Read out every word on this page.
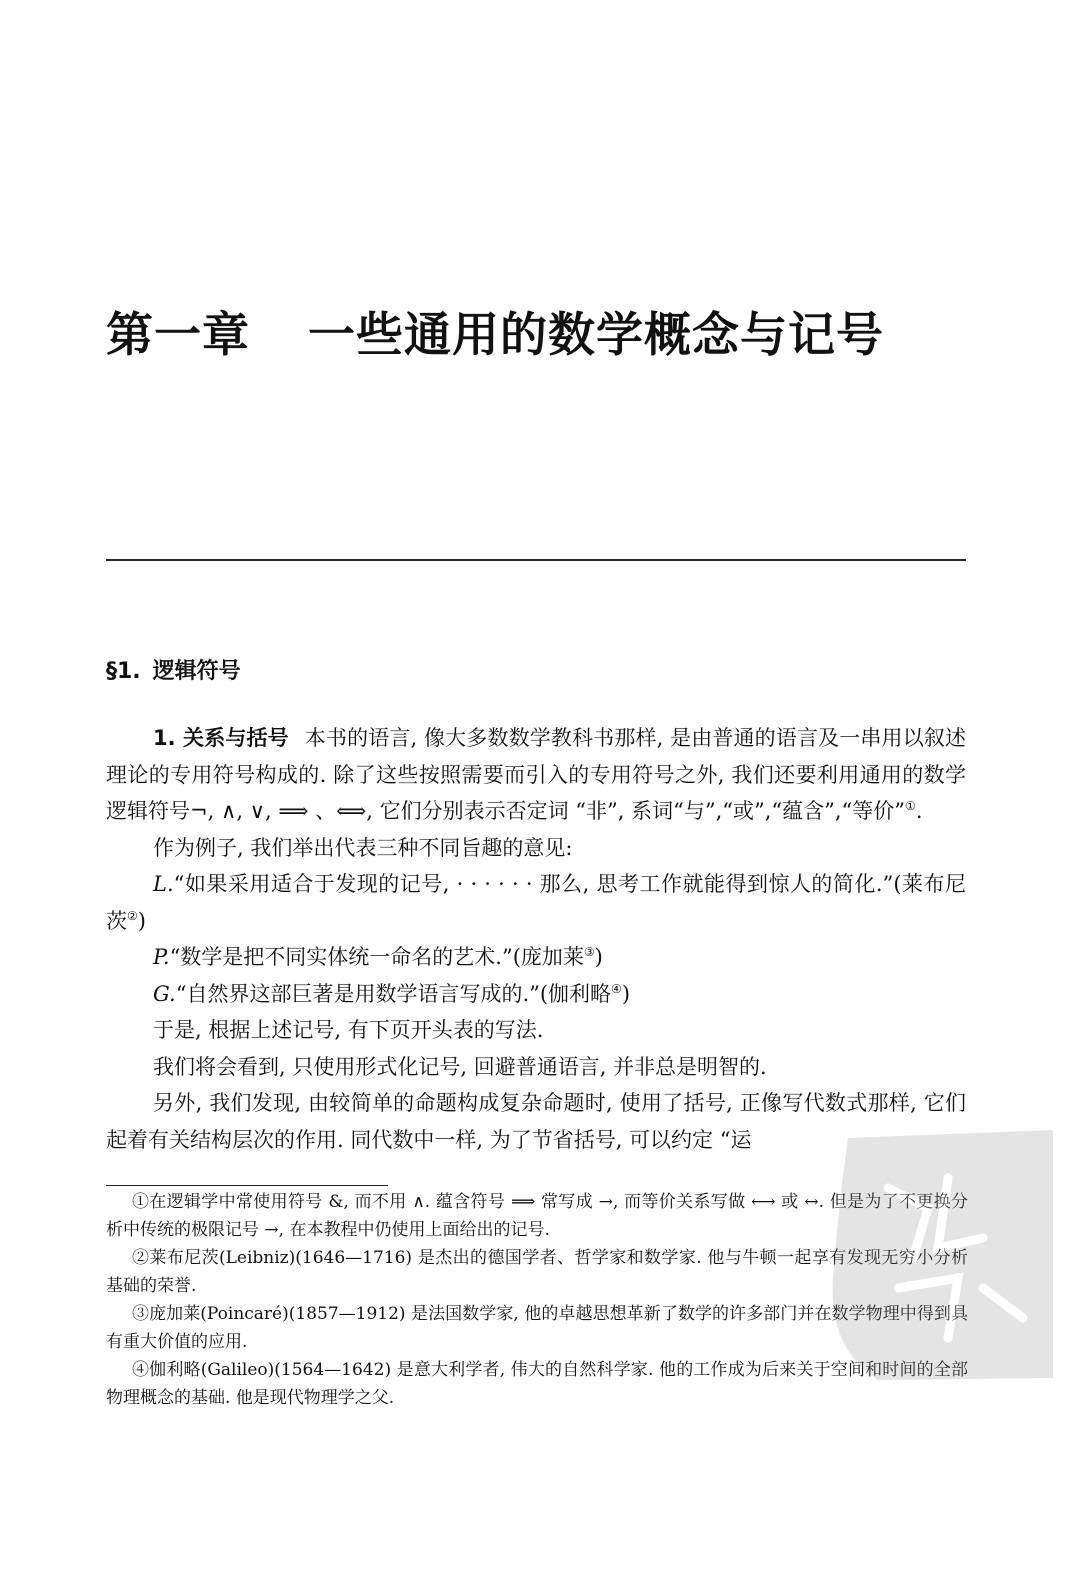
第一章 一些通用的数学概念与记号
§1. 逻辑符号

1. 关系与括号 本书的语言, 像大多数数学教科书那样, 是由普通的语言及一串用以叙述理论的专用符号构成的. 除了这些按照需要而引入的专用符号之外, 我们还要利用通用的数学逻辑符号¬, ∧, ∨, ⟹ 、⟺, 它们分别表示否定词 “非”, 系词“与”,“或”,“蕴含”,“等价”①.

作为例子, 我们举出代表三种不同旨趣的意见:

L.“如果采用适合于发现的记号, · · · · · · 那么, 思考工作就能得到惊人的简化.”(莱布尼茨②)

P.“数学是把不同实体统一命名的艺术.”(庞加莱③)

G.“自然界这部巨著是用数学语言写成的.”(伽利略④)

于是, 根据上述记号, 有下页开头表的写法.

我们将会看到, 只使用形式化记号, 回避普通语言, 并非总是明智的.

另外, 我们发现, 由较简单的命题构成复杂命题时, 使用了括号, 正像写代数式那样, 它们起着有关结构层次的作用. 同代数中一样, 为了节省括号, 可以约定 “运

①在逻辑学中常使用符号 &, 而不用 ∧. 蕴含符号 ⟹ 常写成 →, 而等价关系写做 ⟷ 或 ↔. 但是为了不更换分析中传统的极限记号 →, 在本教程中仍使用上面给出的记号.

②莱布尼茨(Leibniz)(1646—1716) 是杰出的德国学者、哲学家和数学家. 他与牛顿一起享有发现无穷小分析基础的荣誉.

③庞加莱(Poincaré)(1857—1912) 是法国数学家, 他的卓越思想革新了数学的许多部门并在数学物理中得到具有重大价值的应用.

④伽利略(Galileo)(1564—1642) 是意大利学者, 伟大的自然科学家. 他的工作成为后来关于空间和时间的全部物理概念的基础. 他是现代物理学之父.
